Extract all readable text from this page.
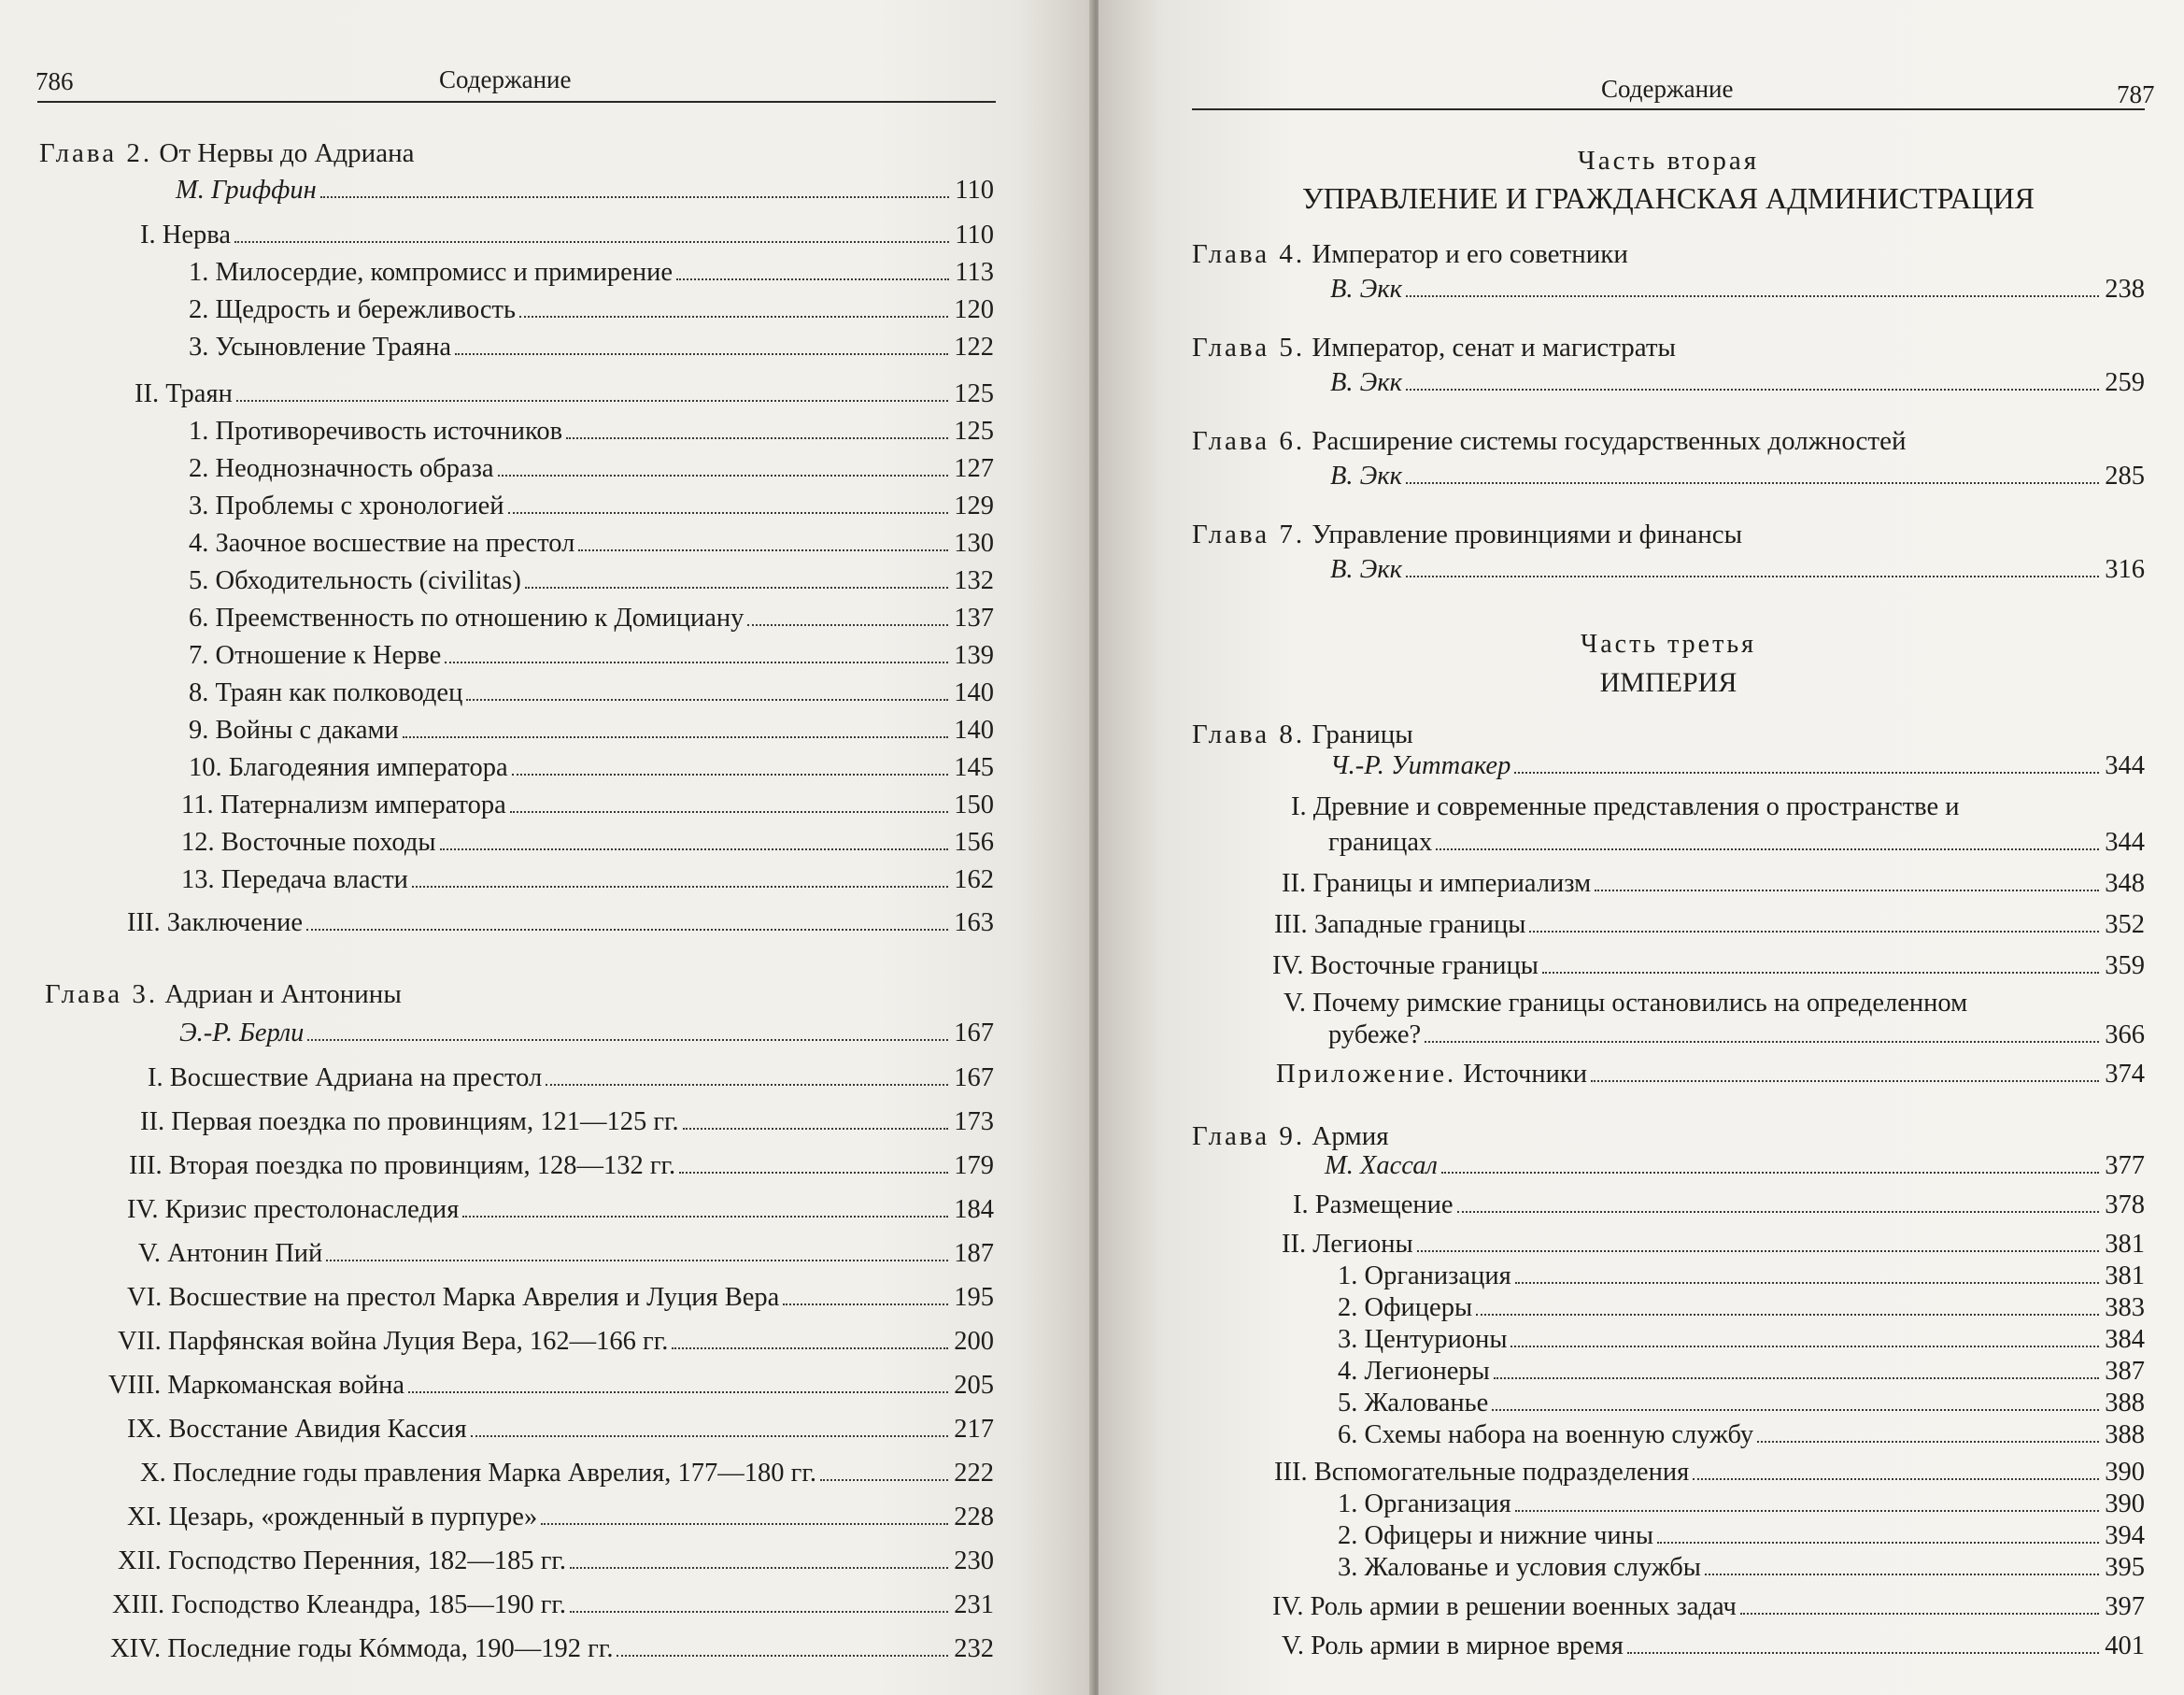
786	Содержание
Глава 2. От Нервы до Адриана
М. Гриффин	110
I. Нерва	110
1. Милосердие, компромисс и примирение	113
2. Щедрость и бережливость	120
3. Усыновление Траяна	122
II. Траян	125
1. Противоречивость источников	125
2. Неоднозначность образа	127
3. Проблемы с хронологией	129
4. Заочное восшествие на престол	130
5. Обходительность (civilitas)	132
6. Преемственность по отношению к Домициану	137
7. Отношение к Нерве	139
8. Траян как полководец	140
9. Войны с даками	140
10. Благодеяния императора	145
11. Патернализм императора	150
12. Восточные походы	156
13. Передача власти	162
III. Заключение	163
Глава 3. Адриан и Антонины
Э.-Р. Берли	167
I. Восшествие Адриана на престол	167
II. Первая поездка по провинциям, 121—125 гг.	173
III. Вторая поездка по провинциям, 128—132 гг.	179
IV. Кризис престолонаследия	184
V. Антонин Пий	187
VI. Восшествие на престол Марка Аврелия и Луция Вера	195
VII. Парфянская война Луция Вера, 162—166 гг.	200
VIII. Маркоманская война	205
IX. Восстание Авидия Кассия	217
X. Последние годы правления Марка Аврелия, 177—180 гг.	222
XI. Цезарь, «рожденный в пурпуре»	228
XII. Господство Перенния, 182—185 гг.	230
XIII. Господство Клеандра, 185—190 гг.	231
XIV. Последние годы Кóммода, 190—192 гг.	232
Содержание	787
Часть вторая
УПРАВЛЕНИЕ И ГРАЖДАНСКАЯ АДМИНИСТРАЦИЯ
Глава 4. Император и его советники
В. Экк	238
Глава 5. Император, сенат и магистраты
В. Экк	259
Глава 6. Расширение системы государственных должностей
В. Экк	285
Глава 7. Управление провинциями и финансы
В. Экк	316
Часть третья
ИМПЕРИЯ
Глава 8. Границы
Ч.-Р. Уиттакер	344
I. Древние и современные представления о пространстве и
границах	344
II. Границы и империализм	348
III. Западные границы	352
IV. Восточные границы	359
V. Почему римские границы остановились на определенном
рубеже?	366
Приложение. Источники	374
Глава 9. Армия
М. Хассал	377
I. Размещение	378
II. Легионы	381
1. Организация	381
2. Офицеры	383
3. Центурионы	384
4. Легионеры	387
5. Жалованье	388
6. Схемы набора на военную службу	388
III. Вспомогательные подразделения	390
1. Организация	390
2. Офицеры и нижние чины	394
3. Жалованье и условия службы	395
IV. Роль армии в решении военных задач	397
V. Роль армии в мирное время	401
